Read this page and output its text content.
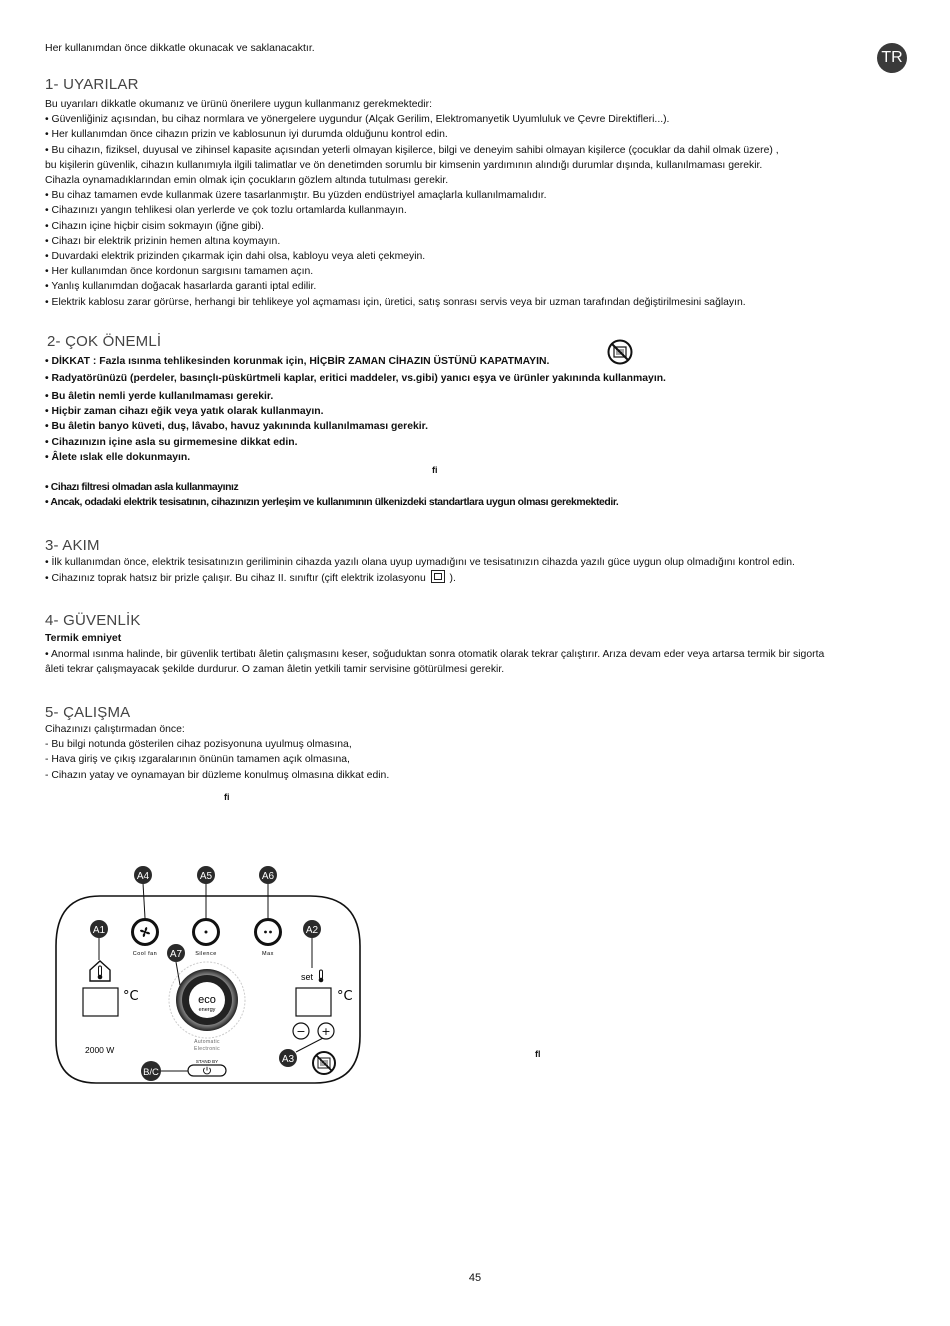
Her kullanımdan önce dikkatle okunacak ve saklanacaktır.
TR
1- UYARILAR
Bu uyarıları dikkatle okumanız ve ürünü önerilere uygun kullanmanız gerekmektedir:
• Güvenliğiniz açısından, bu cihaz normlara ve yönergelere uygundur (Alçak Gerilim, Elektromanyetik Uyumluluk ve Çevre Direktifleri...).
• Her kullanımdan önce cihazın prizin ve kablosunun iyi durumda olduğunu kontrol edin.
• Bu cihazın, fiziksel, duyusal ve zihinsel kapasite açısından yeterli olmayan kişilerce, bilgi ve deneyim sahibi olmayan kişilerce (çocuklar da dahil olmak üzere) ,
bu kişilerin güvenlik, cihazın kullanımıyla ilgili talimatlar ve ön denetimden sorumlu bir kimsenin yardımının alındığı durumlar dışında, kullanılmaması gerekir.
Cihazla oynamadıklarından emin olmak için çocukların gözlem altında tutulması gerekir.
• Bu cihaz tamamen evde kullanmak üzere tasarlanmıştır. Bu yüzden endüstriyel amaçlarla kullanılmamalıdır.
• Cihazınızı yangın tehlikesi olan yerlerde ve çok tozlu ortamlarda kullanmayın.
• Cihazın içine hiçbir cisim sokmayın (iğne gibi).
• Cihazı bir elektrik prizinin hemen altına koymayın.
• Duvardaki elektrik prizinden çıkarmak için dahi olsa, kabloyu veya aleti çekmeyin.
• Her kullanımdan önce kordonun sargısını tamamen açın.
• Yanlış kullanımdan doğacak hasarlarda garanti iptal edilir.
• Elektrik kablosu zarar görürse, herhangi bir tehlikeye yol açmaması için, üretici, satış sonrası servis veya bir uzman tarafından değiştirilmesini sağlayın.
2- ÇOK ÖNEMLİ
• DİKKAT : Fazla ısınma tehlikesinden korunmak için, HİÇBİR ZAMAN CİHAZIN ÜSTÜNÜ KAPATMAYIN.
• Radyatörünüzü (perdeler, basınçlı-püskürtmeli kaplar, eritici maddeler, vs.gibi) yanıcı eşya ve ürünler yakınında kullanmayın.
• Bu âletin nemli yerde kullanılmaması gerekir.
• Hiçbir zaman cihazı eğik veya yatık olarak kullanmayın.
• Bu âletin banyo küveti, duş, lâvabo, havuz yakınında kullanılmaması gerekir.
• Cihazınızın içine asla su girmemesine dikkat edin.
• Âlete ıslak elle dokunmayın.
fi
• Cihazı filtresi olmadan asla kullanmayınız
• Ancak, odadaki elektrik tesisatının, cihazınızın yerleşim ve kullanımının ülkenizdeki standartlara uygun olması gerekmektedir.
3- AKIM
• İlk kullanımdan önce, elektrik tesisatınızın geriliminin cihazda yazılı olana uyup uymadığını ve tesisatınızın cihazda yazılı güce uygun olup olmadığını kontrol edin.
• Cihazınız toprak hatsız bir prizle çalışır. Bu cihaz II. sınıftır (çift elektrik izolasyonu ).
4- GÜVENLİK
Termik emniyet
• Anormal ısınma halinde, bir güvenlik tertibatı âletin çalışmasını keser, soğuduktan sonra otomatik olarak tekrar çalıştırır. Arıza devam eder veya artarsa termik bir sigorta
âleti tekrar çalışmayacak şekilde durdurur. O zaman âletin yetkili tamir servisine götürülmesi gerekir.
5- ÇALIŞMA
Cihazınızı çalıştırmadan önce:
- Bu bilgi notunda gösterilen cihaz pozisyonuna uyulmuş olmasına,
- Hava giriş ve çıkış ızgaralarının önünün tamamen açık olmasına,
- Cihazın yatay ve oynamayan bir düzleme konulmuş olmasına dikkat edin.
fi
fl
A4	A5	A6
A1	A2
A7
A3
B/C
Cool fan	Silence	Max
°C
set
°C
eco
energy
Automatic
Electronic
− +
2000 W
STAND BY
45
